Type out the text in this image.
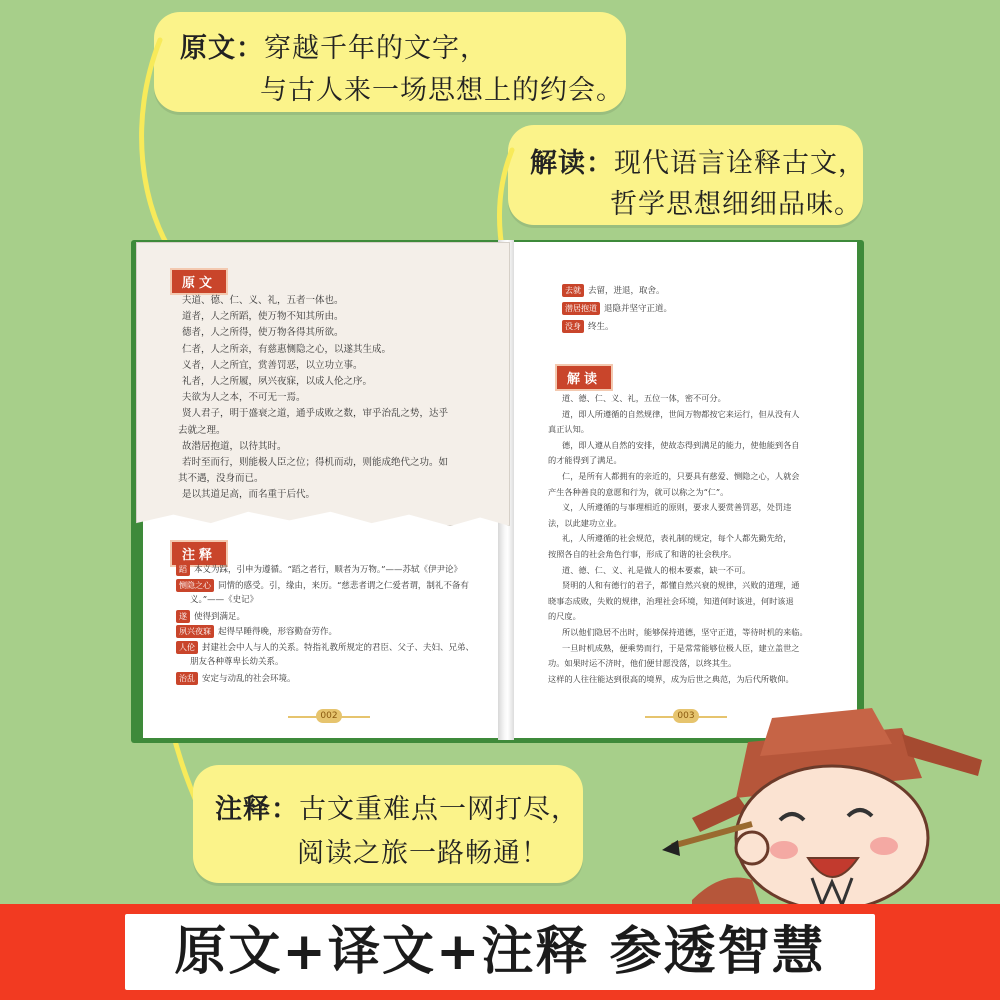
原文：穿越千年的文字，
与古人来一场思想上的约会。
解读：现代语言诠释古文，
哲学思想细细品味。
原文
夫道、德、仁、义、礼，五者一体也。
道者，人之所蹈，使万物不知其所由。
德者，人之所得，使万物各得其所欲。
仁者，人之所亲，有慈惠恻隐之心，以遂其生成。
义者，人之所宜，赏善罚恶，以立功立事。
礼者，人之所履，夙兴夜寐，以成人伦之序。
夫欲为人之本，不可无一焉。
贤人君子，明于盛衰之道，通乎成败之数，审乎治乱之势，达乎
去就之理。
故潜居抱道，以待其时。
若时至而行，则能极人臣之位；得机而动，则能成绝代之功。如
其不遇，没身而已。
是以其道足高，而名重于后代。
注释
蹈 本义为踩，引申为遵循。“蹈之者行，顺者为万物。”——苏轼《伊尹论》
恻隐之心 同情的感受。引，缘由，来历。“慈悲者谓之仁爱者谓，制礼不备有
义。”——《史记》
遂 使得到满足。
夙兴夜寐 起得早睡得晚，形容勤奋劳作。
人伦 封建社会中人与人的关系。特指礼教所规定的君臣、父子、夫妇、兄弟、
朋友各种尊卑长幼关系。
治乱 安定与动乱的社会环境。
002
去就 去留，进退，取舍。
潜居抱道 退隐并坚守正道。
没身 终生。
解读
道、德、仁、义、礼，五位一体，密不可分。
道，即人所遵循的自然规律，世间万物都按它来运行，但从没有人
真正认知。
德，即人遵从自然的安排，使故态得到满足的能力，使他能到各自
的才能得到了满足。
仁，是所有人都拥有的亲近的，只要具有慈爱、恻隐之心，人就会
产生各种善良的意愿和行为，就可以称之为“仁”。
义，人所遵循的与事理相近的原则，要求人要赏善罚恶，处罚违
法，以此建功立业。
礼，人所遵循的社会规范，表礼制的规定，每个人都先勤先给，
按照各自的社会角色行事，形成了和谐的社会秩序。
道、德、仁、义、礼是做人的根本要素，缺一不可。
贤明的人和有德行的君子，都懂自然兴衰的规律，兴败的道理，通
晓事态成败，失败的规律，治理社会环境，知道何时该进，何时该退
的尺度。
所以他们隐居不出时，能够保持道德，坚守正道，等待时机的来临。
一旦时机成熟，便乘势而行，于是常常能够位极人臣，建立盖世之
功。如果时运不济时，他们便甘愿没落，以终其生。
这样的人往往能达到很高的境界，成为后世之典范，为后代所敬仰。
003
注释：古文重难点一网打尽，
阅读之旅一路畅通！
原文+译文+注释 参透智慧
